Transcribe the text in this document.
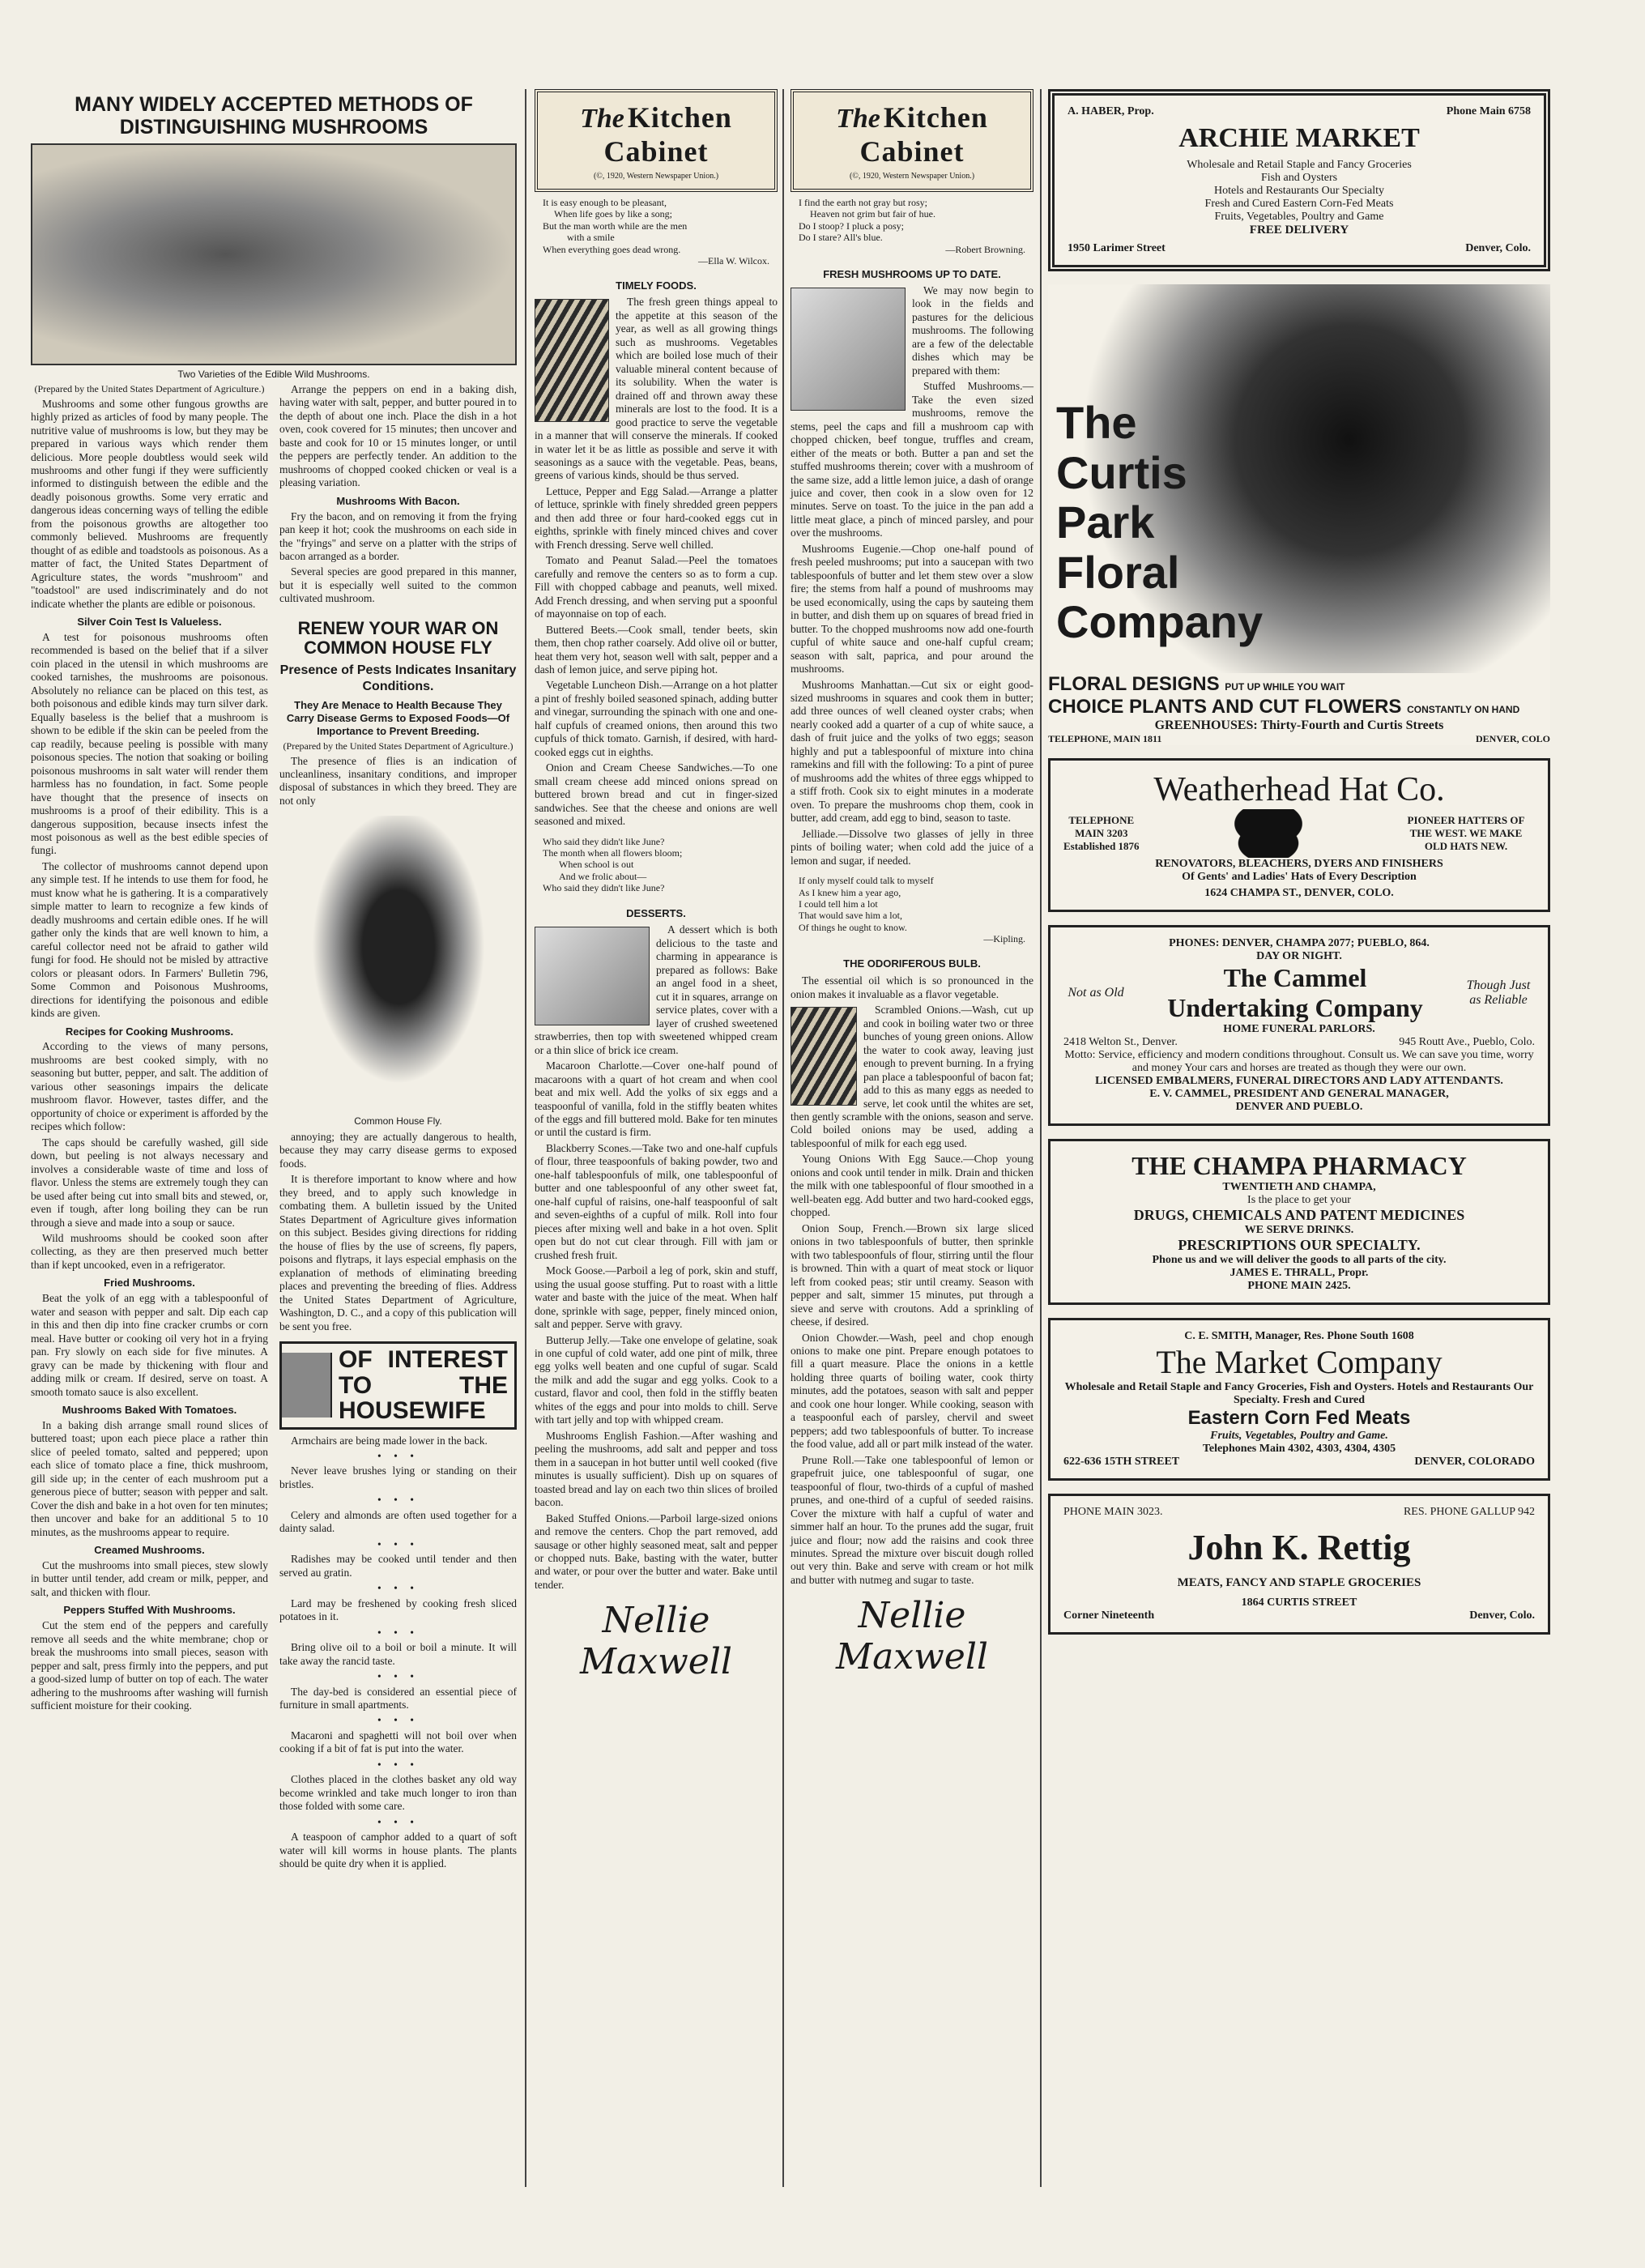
MANY WIDELY ACCEPTED METHODS OF DISTINGUISHING MUSHROOMS
Two Varieties of the Edible Wild Mushrooms.

(Prepared by the United States Department of Agriculture.)

Mushrooms and some other fungous growths are highly prized as articles of food by many people. The nutritive value of mushrooms is low, but they may be prepared in various ways which render them delicious. More people doubtless would seek wild mushrooms and other fungi if they were sufficiently informed to distinguish between the edible and the deadly poisonous growths. Some very erratic and dangerous ideas concerning ways of telling the edible from the poisonous growths are altogether too commonly believed. Mushrooms are frequently thought of as edible and toadstools as poisonous. As a matter of fact, the United States Department of Agriculture states, the words "mushroom" and "toadstool" are used indiscriminately and do not indicate whether the plants are edible or poisonous.

Silver Coin Test Is Valueless.

A test for poisonous mushrooms often recommended is based on the belief that if a silver coin placed in the utensil in which mushrooms are cooked tarnishes, the mushrooms are poisonous. Absolutely no reliance can be placed on this test, as both poisonous and edible kinds may turn silver dark. Equally baseless is the belief that a mushroom is shown to be edible if the skin can be peeled from the cap readily, because peeling is possible with many poisonous species. The notion that soaking or boiling poisonous mushrooms in salt water will render them harmless has no foundation, in fact. Some people have thought that the presence of insects on mushrooms is a proof of their edibility. This is a dangerous supposition, because insects infest the most poisonous as well as the best edible species of fungi.

The collector of mushrooms cannot depend upon any simple test. If he intends to use them for food, he must know what he is gathering. It is a comparatively simple matter to learn to recognize a few kinds of deadly mushrooms and certain edible ones. If he will gather only the kinds that are well known to him, a careful collector need not be afraid to gather wild fungi for food. He should not be misled by attractive colors or pleasant odors. In Farmers' Bulletin 796, Some Common and Poisonous Mushrooms, directions for identifying the poisonous and edible kinds are given.

Recipes for Cooking Mushrooms.

According to the views of many persons, mushrooms are best cooked simply, with no seasoning but butter, pepper, and salt. The addition of various other seasonings impairs the delicate mushroom flavor. However, tastes differ, and the opportunity of choice or experiment is afforded by the recipes which follow:

The caps should be carefully washed, gill side down, but peeling is not always necessary and involves a considerable waste of time and loss of flavor. Unless the stems are extremely tough they can be used after being cut into small bits and stewed, or, even if tough, after long boiling they can be run through a sieve and made into a soup or sauce.

Wild mushrooms should be cooked soon after collecting, as they are then preserved much better than if kept uncooked, even in a refrigerator.

Fried Mushrooms.

Beat the yolk of an egg with a tablespoonful of water and season with pepper and salt. Dip each cap in this and then dip into fine cracker crumbs or corn meal. Have butter or cooking oil very hot in a frying pan. Fry slowly on each side for five minutes. A gravy can be made by thickening with flour and adding milk or cream. If desired, serve on toast. A smooth tomato sauce is also excellent.

Mushrooms Baked With Tomatoes.

In a baking dish arrange small round slices of buttered toast; upon each piece place a rather thin slice of peeled tomato, salted and peppered; upon each slice of tomato place a fine, thick mushroom, gill side up; in the center of each mushroom put a generous piece of butter; season with pepper and salt. Cover the dish and bake in a hot oven for ten minutes; then uncover and bake for an additional 5 to 10 minutes, as the mushrooms appear to require.

Creamed Mushrooms.

Cut the mushrooms into small pieces, stew slowly in butter until tender, add cream or milk, pepper, and salt, and thicken with flour.

Peppers Stuffed With Mushrooms.

Cut the stem end of the peppers and carefully remove all seeds and the white membrane; chop or break the mushrooms into small pieces, season with pepper and salt, press firmly into the peppers, and put a good-sized lump of butter on top of each. The water adhering to the mushrooms after washing will furnish sufficient moisture for their cooking.

Arrange the peppers on end in a baking dish, having water with salt, pepper, and butter poured in to the depth of about one inch. Place the dish in a hot oven, cook covered for 15 minutes; then uncover and baste and cook for 10 or 15 minutes longer, or until the peppers are perfectly tender. An addition to the mushrooms of chopped cooked chicken or veal is a pleasing variation.

Mushrooms With Bacon.

Fry the bacon, and on removing it from the frying pan keep it hot; cook the mushrooms on each side in the "fryings" and serve on a platter with the strips of bacon arranged as a border.

Several species are good prepared in this manner, but it is especially well suited to the common cultivated mushroom.

RENEW YOUR WAR ON COMMON HOUSE FLY
Presence of Pests Indicates Insanitary Conditions.
They Are Menace to Health Because They Carry Disease Germs to Exposed Foods—Of Importance to Prevent Breeding.

(Prepared by the United States Department of Agriculture.)

The presence of flies is an indication of uncleanliness, insanitary conditions, and improper disposal of substances in which they breed. They are not only

Common House Fly.

annoying; they are actually dangerous to health, because they may carry disease germs to exposed foods.

It is therefore important to know where and how they breed, and to apply such knowledge in combating them. A bulletin issued by the United States Department of Agriculture gives information on this subject. Besides giving directions for ridding the house of flies by the use of screens, fly papers, poisons and flytraps, it lays especial emphasis on the explanation of methods of eliminating breeding places and preventing the breeding of flies. Address the United States Department of Agriculture, Washington, D. C., and a copy of this publication will be sent you free.

OF INTEREST TO THE HOUSEWIFE

Armchairs are being made lower in the back.

• • •

Never leave brushes lying or standing on their bristles.

• • •

Celery and almonds are often used together for a dainty salad.

• • •

Radishes may be cooked until tender and then served au gratin.

• • •

Lard may be freshened by cooking fresh sliced potatoes in it.

• • •

Bring olive oil to a boil or boil a minute. It will take away the rancid taste.

• • •

The day-bed is considered an essential piece of furniture in small apartments.

• • •

Macaroni and spaghetti will not boil over when cooking if a bit of fat is put into the water.

• • •

Clothes placed in the clothes basket any old way become wrinkled and take much longer to iron than those folded with some care.

• • •

A teaspoon of camphor added to a quart of soft water will kill worms in house plants. The plants should be quite dry when it is applied.

The Kitchen
Cabinet
(©, 1920, Western Newspaper Union.)
It is easy enough to be pleasant,
When life goes by like a song;
But the man worth while are the men
with a smile
When everything goes dead wrong.
—Ella W. Wilcox.
TIMELY FOODS.

The fresh green things appeal to the appetite at this season of the year, as well as all growing things such as mushrooms. Vegetables which are boiled lose much of their valuable mineral content because of its solubility. When the water is drained off and thrown away these minerals are lost to the food. It is a good practice to serve the vegetable in a manner that will conserve the minerals. If cooked in water let it be as little as possible and serve it with seasonings as a sauce with the vegetable. Peas, beans, greens of various kinds, should be thus served.

Lettuce, Pepper and Egg Salad.—Arrange a platter of lettuce, sprinkle with finely shredded green peppers and then add three or four hard-cooked eggs cut in eighths, sprinkle with finely minced chives and cover with French dressing. Serve well chilled.

Tomato and Peanut Salad.—Peel the tomatoes carefully and remove the centers so as to form a cup. Fill with chopped cabbage and peanuts, well mixed. Add French dressing, and when serving put a spoonful of mayonnaise on top of each.

Buttered Beets.—Cook small, tender beets, skin them, then chop rather coarsely. Add olive oil or butter, heat them very hot, season well with salt, pepper and a dash of lemon juice, and serve piping hot.

Vegetable Luncheon Dish.—Arrange on a hot platter a pint of freshly boiled seasoned spinach, adding butter and vinegar, surrounding the spinach with one and one-half cupfuls of creamed onions, then around this two cupfuls of thick tomato. Garnish, if desired, with hard-cooked eggs cut in eighths.

Onion and Cream Cheese Sandwiches.—To one small cream cheese add minced onions spread on buttered brown bread and cut in finger-sized sandwiches. See that the cheese and onions are well seasoned and mixed.

Who said they didn't like June?
The month when all flowers bloom;
When school is out
And we frolic about—
Who said they didn't like June?
DESSERTS.

A dessert which is both delicious to the taste and charming in appearance is prepared as follows: Bake an angel food in a sheet, cut it in squares, arrange on service plates, cover with a layer of crushed sweetened strawberries, then top with sweetened whipped cream or a thin slice of brick ice cream.

Macaroon Charlotte.—Cover one-half pound of macaroons with a quart of hot cream and when cool beat and mix well. Add the yolks of six eggs and a teaspoonful of vanilla, fold in the stiffly beaten whites of the eggs and fill buttered mold. Bake for ten minutes or until the custard is firm.

Blackberry Scones.—Take two and one-half cupfuls of flour, three teaspoonfuls of baking powder, two and one-half tablespoonfuls of milk, one tablespoonful of butter and one tablespoonful of any other sweet fat, one-half cupful of raisins, one-half teaspoonful of salt and seven-eighths of a cupful of milk. Roll into four pieces after mixing well and bake in a hot oven. Split open but do not cut clear through. Fill with jam or crushed fresh fruit.

Mock Goose.—Parboil a leg of pork, skin and stuff, using the usual goose stuffing. Put to roast with a little water and baste with the juice of the meat. When half done, sprinkle with sage, pepper, finely minced onion, salt and pepper. Serve with gravy.

Butterup Jelly.—Take one envelope of gelatine, soak in one cupful of cold water, add one pint of milk, three egg yolks well beaten and one cupful of sugar. Scald the milk and add the sugar and egg yolks. Cook to a custard, flavor and cool, then fold in the stiffly beaten whites of the eggs and pour into molds to chill. Serve with tart jelly and top with whipped cream.

Mushrooms English Fashion.—After washing and peeling the mushrooms, add salt and pepper and toss them in a saucepan in hot butter until well cooked (five minutes is usually sufficient). Dish up on squares of toasted bread and lay on each two thin slices of broiled bacon.

Baked Stuffed Onions.—Parboil large-sized onions and remove the centers. Chop the part removed, add sausage or other highly seasoned meat, salt and pepper or chopped nuts. Bake, basting with the water, butter and water, or pour over the butter and water. Bake until tender.

Nellie Maxwell
The Kitchen
Cabinet
(©, 1920, Western Newspaper Union.)
I find the earth not gray but rosy;
Heaven not grim but fair of hue.
Do I stoop? I pluck a posy;
Do I stare? All's blue.
—Robert Browning.
FRESH MUSHROOMS UP TO DATE.

We may now begin to look in the fields and pastures for the delicious mushrooms. The following are a few of the delectable dishes which may be prepared with them:

Stuffed Mushrooms.—Take the even sized mushrooms, remove the stems, peel the caps and fill a mushroom cap with chopped chicken, beef tongue, truffles and cream, either of the meats or both. Butter a pan and set the stuffed mushrooms therein; cover with a mushroom of the same size, add a little lemon juice, a dash of orange juice and cover, then cook in a slow oven for 12 minutes. Serve on toast. To the juice in the pan add a little meat glace, a pinch of minced parsley, and pour over the mushrooms.

Mushrooms Eugenie.—Chop one-half pound of fresh peeled mushrooms; put into a saucepan with two tablespoonfuls of butter and let them stew over a slow fire; the stems from half a pound of mushrooms may be used economically, using the caps by sauteing them in butter, and dish them up on squares of bread fried in butter. To the chopped mushrooms now add one-fourth cupful of white sauce and one-half cupful cream; season with salt, paprica, and pour around the mushrooms.

Mushrooms Manhattan.—Cut six or eight good-sized mushrooms in squares and cook them in butter; add three ounces of well cleaned oyster crabs; when nearly cooked add a quarter of a cup of white sauce, a dash of fruit juice and the yolks of two eggs; season highly and put a tablespoonful of mixture into china ramekins and fill with the following: To a pint of puree of mushrooms add the whites of three eggs whipped to a stiff froth. Cook six to eight minutes in a moderate oven. To prepare the mushrooms chop them, cook in butter, add cream, add egg to bind, season to taste.

Jelliade.—Dissolve two glasses of jelly in three pints of boiling water; when cold add the juice of a lemon and sugar, if needed.

If only myself could talk to myself
As I knew him a year ago,
I could tell him a lot
That would save him a lot,
Of things he ought to know.
—Kipling.
THE ODORIFEROUS BULB.

The essential oil which is so pronounced in the onion makes it invaluable as a flavor vegetable.

Scrambled Onions.—Wash, cut up and cook in boiling water two or three bunches of young green onions. Allow the water to cook away, leaving just enough to prevent burning. In a frying pan place a tablespoonful of bacon fat; add to this as many eggs as needed to serve, let cook until the whites are set, then gently scramble with the onions, season and serve. Cold boiled onions may be used, adding a tablespoonful of milk for each egg used.

Young Onions With Egg Sauce.—Chop young onions and cook until tender in milk. Drain and thicken the milk with one tablespoonful of flour smoothed in a well-beaten egg. Add butter and two hard-cooked eggs, chopped.

Onion Soup, French.—Brown six large sliced onions in two tablespoonfuls of butter, then sprinkle with two tablespoonfuls of flour, stirring until the flour is browned. Thin with a quart of meat stock or liquor left from cooked peas; stir until creamy. Season with pepper and salt, simmer 15 minutes, put through a sieve and serve with croutons. Add a sprinkling of cheese, if desired.

Onion Chowder.—Wash, peel and chop enough onions to make one pint. Prepare enough potatoes to fill a quart measure. Place the onions in a kettle holding three quarts of boiling water, cook thirty minutes, add the potatoes, season with salt and pepper and cook one hour longer. While cooking, season with a teaspoonful each of parsley, chervil and sweet peppers; add two tablespoonfuls of butter. To increase the food value, add all or part milk instead of the water.

Prune Roll.—Take one tablespoonful of lemon or grapefruit juice, one tablespoonful of sugar, one teaspoonful of flour, two-thirds of a cupful of mashed prunes, and one-third of a cupful of seeded raisins. Cover the mixture with half a cupful of water and simmer half an hour. To the prunes add the sugar, fruit juice and flour; now add the raisins and cook three minutes. Spread the mixture over biscuit dough rolled out very thin. Bake and serve with cream or hot milk and butter with nutmeg and sugar to taste.

Nellie Maxwell
A. HABER, Prop.	Phone Main 6758
ARCHIE MARKET
Wholesale and Retail Staple and Fancy Groceries
Fish and Oysters
Hotels and Restaurants Our Specialty
Fresh and Cured Eastern Corn-Fed Meats
Fruits, Vegetables, Poultry and Game
FREE DELIVERY
1950 Larimer Street	Denver, Colo.
The
Curtis
Park
Floral
Company
FLORAL DESIGNS PUT UP WHILE YOU WAIT
CHOICE PLANTS AND CUT FLOWERS CONSTANTLY ON HAND
GREENHOUSES: Thirty-Fourth and Curtis Streets
TELEPHONE, MAIN 1811	DENVER, COLO
Weatherhead Hat Co.
TELEPHONE
MAIN 3203
Established 1876
PIONEER HATTERS OF THE WEST. WE MAKE OLD HATS NEW.
RENOVATORS, BLEACHERS, DYERS AND FINISHERS
Of Gents' and Ladies' Hats of Every Description
1624 CHAMPA ST., DENVER, COLO.
PHONES: DENVER, CHAMPA 2077; PUEBLO, 864.
DAY OR NIGHT.
Not as Old
The Cammel
Undertaking Company
Though Just as Reliable
HOME FUNERAL PARLORS.
2418 Welton St., Denver.	945 Routt Ave., Pueblo, Colo.
Motto: Service, efficiency and modern conditions throughout. Consult us. We can save you time, worry and money Your cars and horses are treated as though they were our own.
LICENSED EMBALMERS, FUNERAL DIRECTORS AND LADY ATTENDANTS.
E. V. CAMMEL, PRESIDENT AND GENERAL MANAGER,
DENVER AND PUEBLO.
THE CHAMPA PHARMACY
TWENTIETH AND CHAMPA,
Is the place to get your
DRUGS, CHEMICALS AND PATENT MEDICINES
WE SERVE DRINKS.
PRESCRIPTIONS OUR SPECIALTY.
Phone us and we will deliver the goods to all parts of the city.
JAMES E. THRALL, Propr.
PHONE MAIN 2425.
C. E. SMITH, Manager, Res. Phone South 1608
The Market Company
Wholesale and Retail Staple and Fancy Groceries, Fish and Oysters. Hotels and Restaurants Our Specialty. Fresh and Cured
Eastern Corn Fed Meats
Fruits, Vegetables, Poultry and Game.
Telephones Main 4302, 4303, 4304, 4305
622-636 15TH STREET	DENVER, COLORADO
PHONE MAIN 3023.	RES. PHONE GALLUP 942
John K. Rettig
MEATS, FANCY AND STAPLE GROCERIES
1864 CURTIS STREET
Corner Nineteenth	Denver, Colo.
